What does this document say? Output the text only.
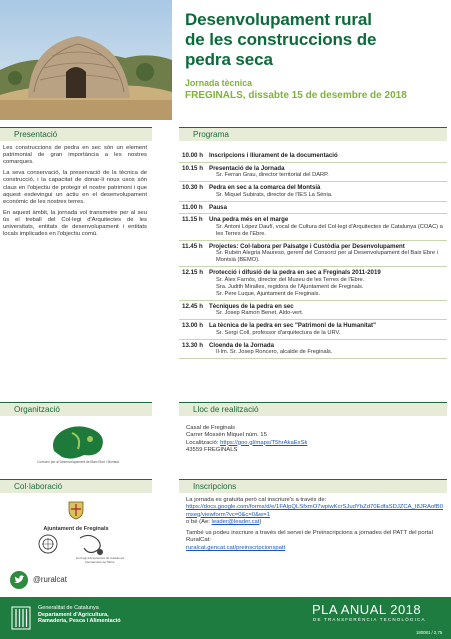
Desenvolupament rural
de les construccions de
pedra seca
Jornada tècnica
FREGINALS, dissabte 15 de desembre de 2018
Presentació

Les construccions de pedra en sec són un element patrimonial de gran importància a les nostres comarques.

La seva conservació, la preservació de la tècnica de construcció, i la capacitat de donar-li nous usos són claus en l'objectiu de protegir el nostre patrimoni i que aquest esdevingui un actiu en el desenvolupament econòmic de les nostres terres.

En aquest àmbit, la jornada vol transmetre per al seu ús el treball del Col·legi d'Arquitectes de les universitats, entitats de desenvolupament i entitats locals implicades en l'objectiu comú.

Programa
10.00 h Inscripcions i lliurament de la documentació
10.15 h Presentació de la Jornada
Sr. Ferran Grau, director territorial del DARP.
10.30 h Pedra en sec a la comarca del Montsià
Sr. Miquel Subirats, director de l'IES La Sénia.
11.00 h Pausa
11.15 h Una pedra més en el marge
Sr. Antoni López Daufí, vocal de Cultura del Col·legi d'Arquitectes de Catalunya (COAC) a les Terres de l'Ebre.
11.45 h Projectes: Col·labora per Paisatge i Custòdia per Desenvolupament
Sr. Rubén Alegria Maureso, gerent del Consorci per al Desenvolupament del Baix Ebre i Montsià (BEMO).
12.15 h Protecció i difusió de la pedra en sec a Freginals 2011-2019
Sr. Àlex Farnós, director del Museu de les Terres de l'Ebre.
Sra. Judith Miralles, regidora de l'Ajuntament de Freginals.
Sr. Pere Luque, Ajuntament de Freginals.
12.45 h Tècniques de la pedra en sec
Sr. Josep Ramon Benet, Aldo-vert.
13.00 h La tècnica de la pedra en sec "Patrimoni de la Humanitat"
Sr. Sergi Coll, professor d'arquitectura de la URV.
13.30 h Cloenda de la Jornada
Il·lm. Sr. Josep Roncero, alcalde de Freginals.
Organització
Consorci per al Desenvolupament del Baix Ebre i Montsià
Lloc de realització
Casal de Freginals
Carrer Mossèn Miquel núm. 15
Localització: https://goo.gl/maps/T5hrAkaExSk
43559 FREGINALS
Col·laboració
Ajuntament de Freginals
Col·legi d'Arquitectes de Catalunya Demarcació de l'Ebre
Inscripcions
La jornada es gratuïta però cal inscriure's a través de:
https://docs.google.com/forms/d/e/1FAIpQLSfxmO7wpiwKcrSJudYbZd70EdfaSDJZCA_I8JRAofB0mseg/viewform?vc=0&c=0&w=1
o bé (Ae: leader@leader.cat)
També us podeu inscriure a través del servei de Preinscripcions a jornades del PATT del portal RuralCat:
ruralcat.gencat.cat/preinscripcionspatt
@ruralcat
Generalitat de Catalunya
Departament d'Agricultura,
Ramaderia, Pesca i Alimentació
PLA ANUAL 2018
DE TRANSFERÈNCIA TECNOLÒGICA
180081 / 2,75
